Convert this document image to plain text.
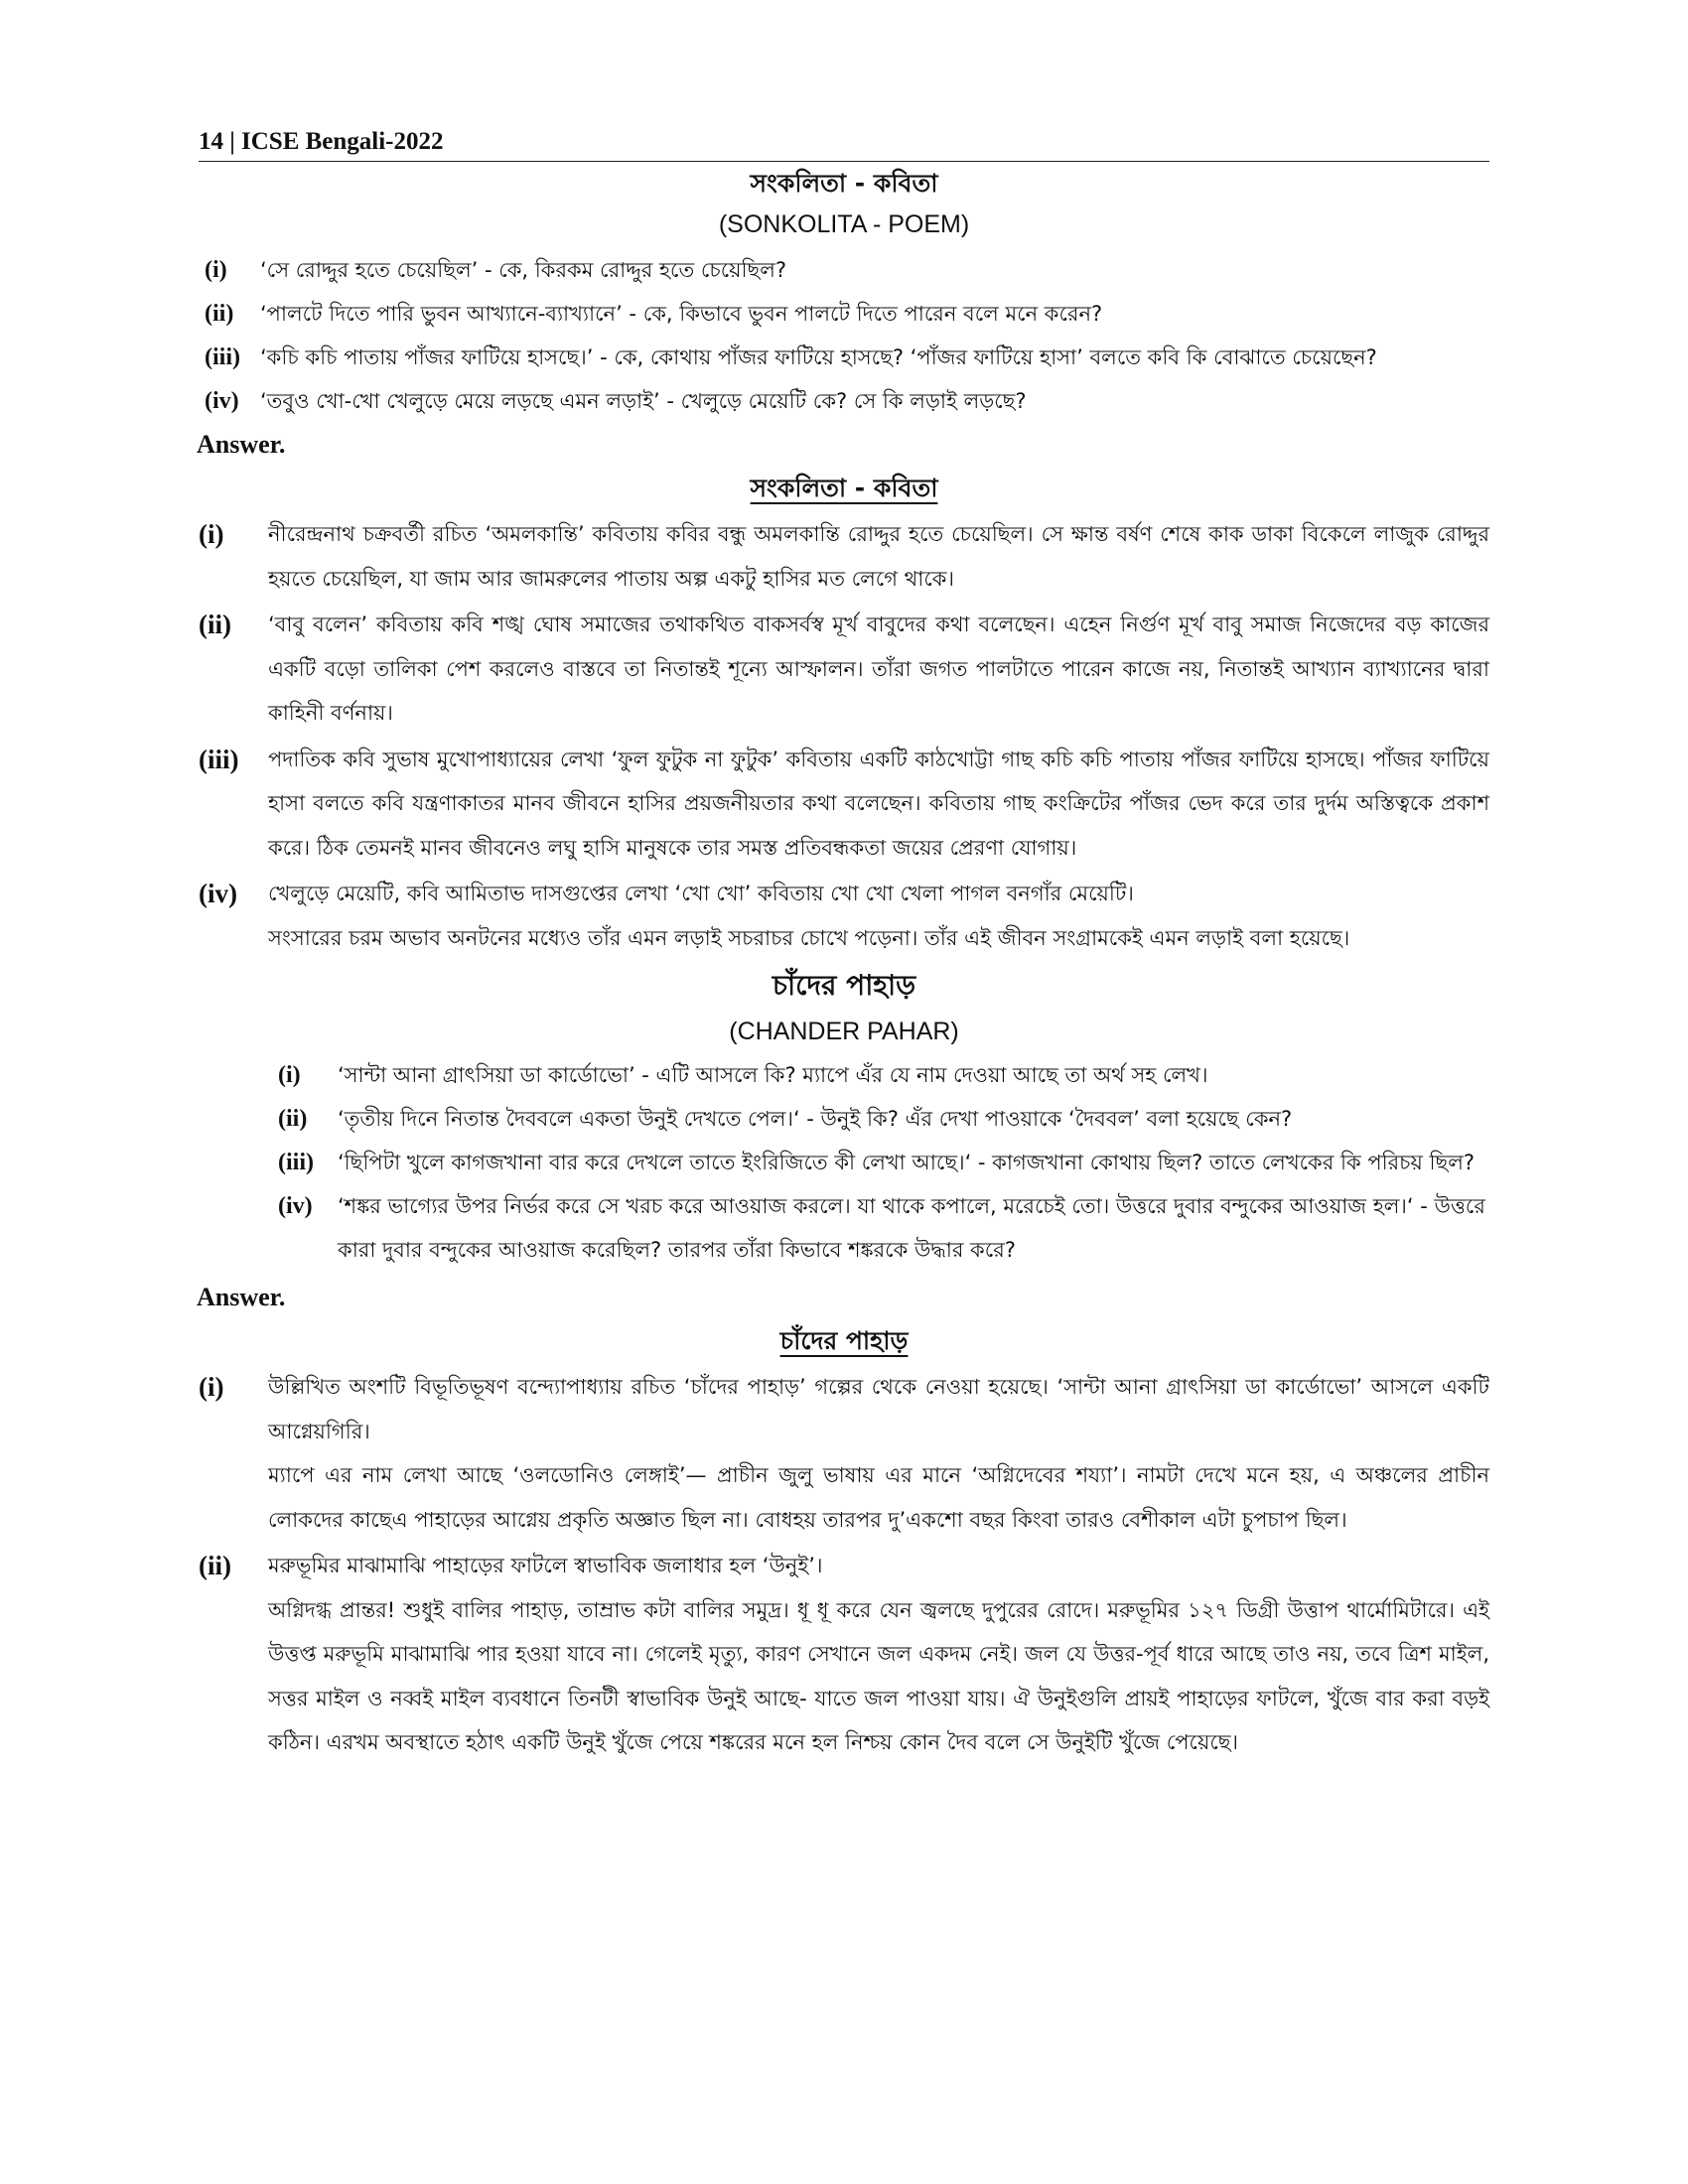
14 | ICSE Bengali-2022
সংকলিতা - কবিতা
(SONKOLITA - POEM)
(i)	‘সে রোদ্দুর হতে চেয়েছিল’ - কে, কিরকম রোদ্দুর হতে চেয়েছিল?
(ii)	‘পালটে দিতে পারি ভুবন আখ্যানে-ব্যাখ্যানে’ - কে, কিভাবে ভুবন পালটে দিতে পারেন বলে মনে করেন?
(iii) ‘কচি কচি পাতায় পাঁজর ফাটিয়ে হাসছে।’ - কে, কোথায় পাঁজর ফাটিয়ে হাসছে? ‘পাঁজর ফাটিয়ে হাসা’ বলতে কবি কি বোঝাতে চেয়েছেন?
(iv)	‘তবুও খো-খো খেলুড়ে মেয়ে লড়ছে এমন লড়াই’ - খেলুড়ে মেয়েটি কে? সে কি লড়াই লড়ছে?
Answer.
সংকলিতা - কবিতা
(i)	নীরেন্দ্রনাথ চক্রবর্তী রচিত ‘অমলকান্তি’ কবিতায় কবির বন্ধু অমলকান্তি রোদ্দুর হতে চেয়েছিল। সে ক্ষান্ত বর্ষণ শেষে কাক ডাকা বিকেলে লাজুক রোদ্দুর হয়তে চেয়েছিল, যা জাম আর জামরুলের পাতায় অল্প একটু হাসির মত লেগে থাকে।

(ii)	‘বাবু বলেন’ কবিতায় কবি শঙ্খ ঘোষ সমাজের তথাকথিত বাকসর্বস্ব মূর্খ বাবুদের কথা বলেছেন। এহেন নির্গুণ মূর্খ বাবু সমাজ নিজেদের বড় কাজের একটি বড়ো তালিকা পেশ করলেও বাস্তবে তা নিতান্তই শূন্যে আস্ফালন। তাঁরা জগত পালটাতে পারেন কাজে নয়, নিতান্তই আখ্যান ব্যাখ্যানের দ্বারা কাহিনী বর্ণনায়।

(iii)	পদাতিক কবি সুভাষ মুখোপাধ্যায়ের লেখা ‘ফুল ফুটুক না ফুটুক’ কবিতায় একটি কাঠখোট্টা গাছ কচি কচি পাতায় পাঁজর ফাটিয়ে হাসছে। পাঁজর ফাটিয়ে হাসা বলতে কবি যন্ত্রণাকাতর মানব জীবনে হাসির প্রয়জনীয়তার কথা বলেছেন। কবিতায় গাছ কংক্রিটের পাঁজর ভেদ করে তার দুর্দম অস্তিত্বকে প্রকাশ করে। ঠিক তেমনই মানব জীবনেও লঘু হাসি মানুষকে তার সমস্ত প্রতিবন্ধকতা জয়ের প্রেরণা যোগায়।

(iv)	খেলুড়ে মেয়েটি, কবি আমিতাভ দাসগুপ্তের লেখা ‘খো খো’ কবিতায় খো খো খেলা পাগল বনগাঁর মেয়েটি।

সংসারের চরম অভাব অনটনের মধ্যেও তাঁর এমন লড়াই সচরাচর চোখে পড়েনা। তাঁর এই জীবন সংগ্রামকেই এমন লড়াই বলা হয়েছে।

চাঁদের পাহাড়
(CHANDER PAHAR)
(i)	‘সান্টা আনা গ্রাৎসিয়া ডা কার্ডোভো’ - এটি আসলে কি? ম্যাপে এঁর যে নাম দেওয়া আছে তা অর্থ সহ লেখ।
(ii)	‘তৃতীয় দিনে নিতান্ত দৈববলে একতা উনুই দেখতে পেল।‘ - উনুই কি? এঁর দেখা পাওয়াকে ‘দৈববল’ বলা হয়েছে কেন?
(iii)	‘ছিপিটা খুলে কাগজখানা বার করে দেখলে তাতে ইংরিজিতে কী লেখা আছে।‘ - কাগজখানা কোথায় ছিল? তাতে লেখকের কি পরিচয় ছিল?
(iv)	‘শঙ্কর ভাগ্যের উপর নির্ভর করে সে খরচ করে আওয়াজ করলে। যা থাকে কপালে, মরেচেই তো। উত্তরে দুবার বন্দুকের আওয়াজ হল।‘ - উত্তরে কারা দুবার বন্দুকের আওয়াজ করেছিল? তারপর তাঁরা কিভাবে শঙ্করকে উদ্ধার করে?
Answer.
চাঁদের পাহাড়
(i)	উল্লিখিত অংশটি বিভূতিভূষণ বন্দ্যোপাধ্যায় রচিত ‘চাঁদের পাহাড়’ গল্পের থেকে নেওয়া হয়েছে। ‘সান্টা আনা গ্রাৎসিয়া ডা কার্ডোভো’ আসলে একটি আগ্নেয়গিরি।

ম্যাপে এর নাম লেখা আছে ‘ওলডোনিও লেঙ্গাই’— প্রাচীন জুলু ভাষায় এর মানে ‘অগ্নিদেবের শয্যা’। নামটা দেখে মনে হয়, এ অঞ্চলের প্রাচীন লোকদের কাছেএ পাহাড়ের আগ্নেয় প্রকৃতি অজ্ঞাত ছিল না। বোধহয় তারপর দু’একশো বছর কিংবা তারও বেশীকাল এটা চুপচাপ ছিল।

(ii)	মরুভূমির মাঝামাঝি পাহাড়ের ফাটলে স্বাভাবিক জলাধার হল ‘উনুই’।

অগ্নিদগ্ধ প্রান্তর! শুধুই বালির পাহাড়, তাম্রাভ কটা বালির সমুদ্র। ধূ ধূ করে যেন জ্বলছে দুপুরের রোদে। মরুভূমির ১২৭ ডিগ্রী উত্তাপ থার্মোমিটারে। এই উত্তপ্ত মরুভূমি মাঝামাঝি পার হওয়া যাবে না। গেলেই মৃত্যু, কারণ সেখানে জল একদম নেই। জল যে উত্তর-পূর্ব ধারে আছে তাও নয়, তবে ত্রিশ মাইল, সত্তর মাইল ও নব্বই মাইল ব্যবধানে তিনটী স্বাভাবিক উনুই আছে- যাতে জল পাওয়া যায়। ঐ উনুইগুলি প্রায়ই পাহাড়ের ফাটলে, খুঁজে বার করা বড়ই কঠিন। এরখম অবস্থাতে হঠাৎ একটি উনুই খুঁজে পেয়ে শঙ্করের মনে হল নিশ্চয় কোন দৈব বলে সে উনুইটি খুঁজে পেয়েছে।
